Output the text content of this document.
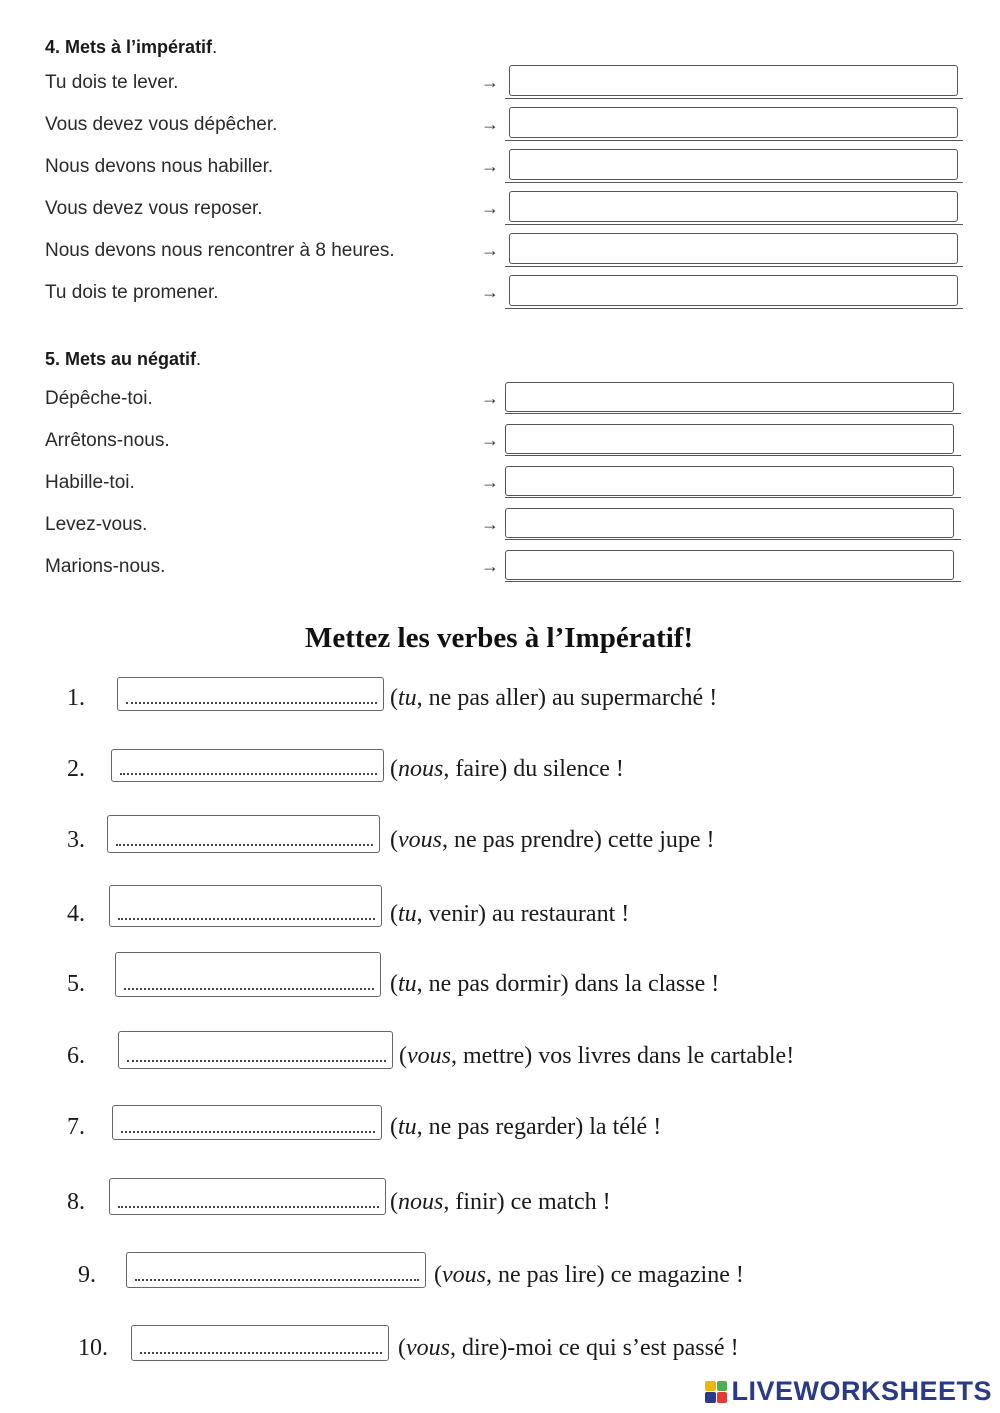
4. Mets à l’impératif.
Tu dois te lever.	→
Vous devez vous dépêcher.	→
Nous devons nous habiller.	→
Vous devez vous reposer.	→
Nous devons nous rencontrer à 8 heures.	→
Tu dois te promener.	→
5. Mets au négatif.
Dépêche-toi.	→
Arrêtons-nous.	→
Habille-toi.	→
Levez-vous.	→
Marions-nous.	→
Mettez les verbes à l’Impératif!
1.	(tu, ne pas aller) au supermarché !
2.	(nous, faire) du silence !
3.	(vous, ne pas prendre) cette jupe !
4.	(tu, venir) au restaurant !
5.	(tu, ne pas dormir) dans la classe !
6.	(vous, mettre) vos livres dans le cartable!
7.	(tu, ne pas regarder) la télé !
8.	(nous, finir) ce match !
9.	(vous, ne pas lire) ce magazine !
10.	(vous, dire)-moi ce qui s’est passé !
LIVEWORKSHEETS
